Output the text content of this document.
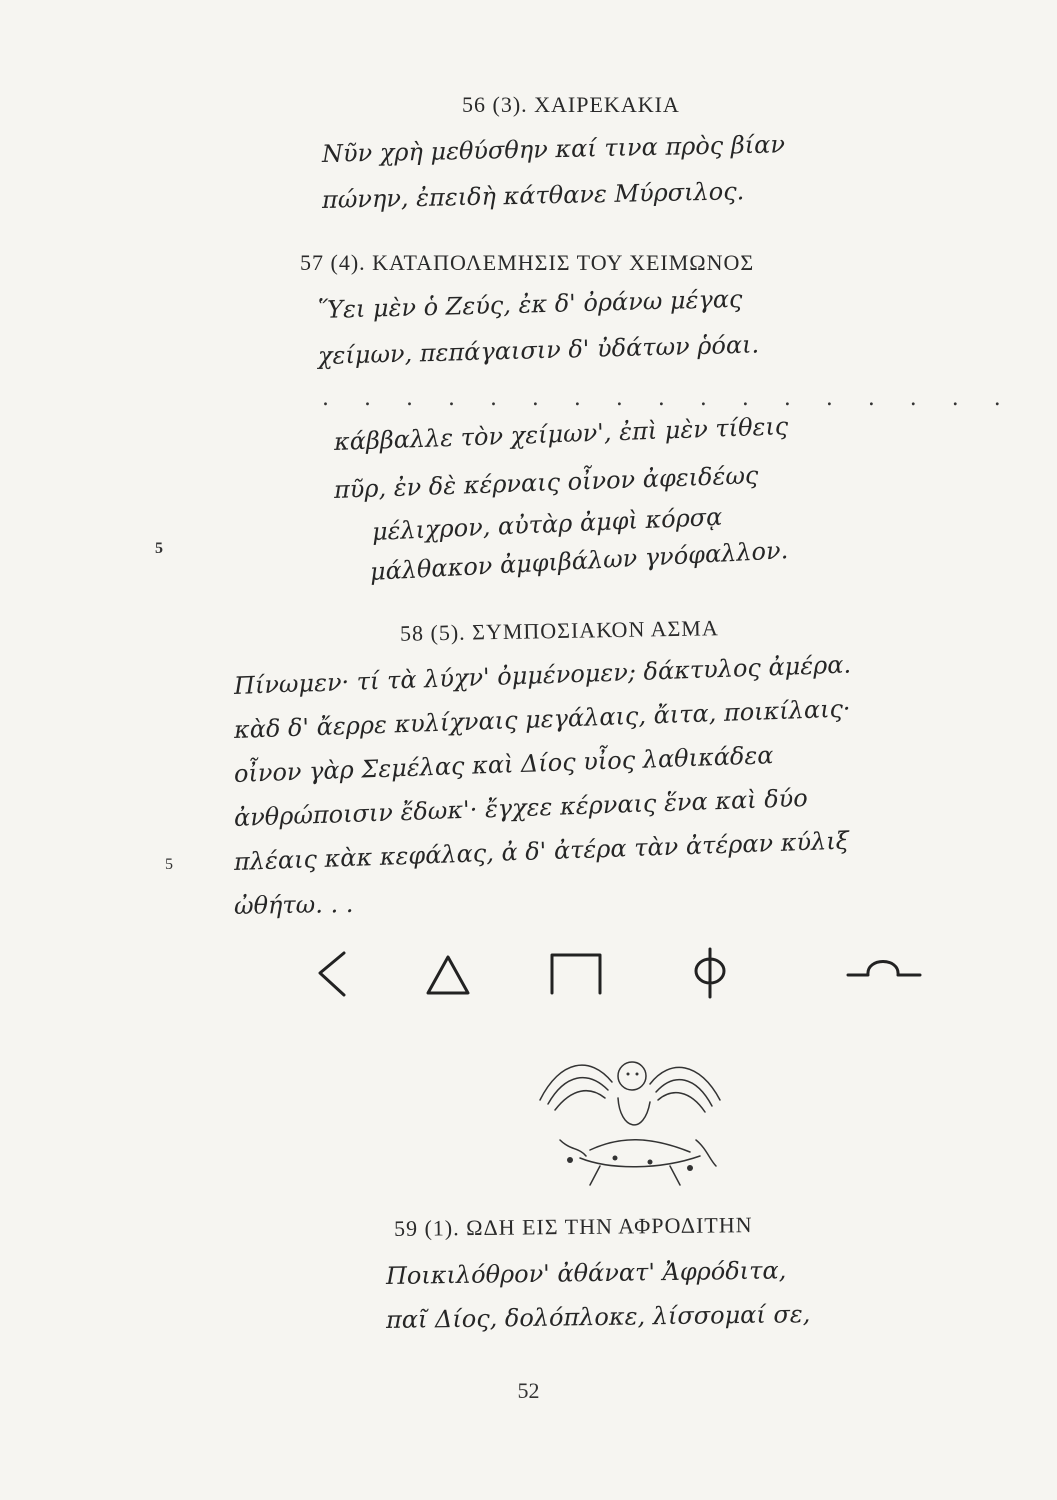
56 (3). ΧΑΙΡΕΚΑΚΙΑ
Νῦν χρὴ μεθύσθην καί τινα πρὸς βίαν
πώνην, ἐπειδὴ κάτθανε Μύρσιλος.
57 (4). ΚΑΤΑΠΟΛΕΜΗΣΙΣ ΤΟΥ ΧΕΙΜΩΝΟΣ
Ὕει μὲν ὁ Ζεύς, ἐκ δ' ὀράνω μέγας
χείμων, πεπάγαισιν δ' ὐδάτων ῥόαι.
. . . . . . . . . . . . . . . . .
κάββαλλε τὸν χείμων', ἐπὶ μὲν τίθεις
πῦρ, ἐν δὲ κέρναις οἶνον ἀφειδέως
μέλιχρον, αὐτὰρ ἀμφὶ κόρσᾳ
5	μάλθακον ἀμφιβάλων γνόφαλλον.
58 (5). ΣΥΜΠΟΣΙΑΚΟΝ ΑΣΜΑ
Πίνωμεν· τί τὰ λύχν' ὀμμένομεν; δάκτυλος ἀμέρα.
κὰδ δ' ἄερρε κυλίχναις μεγάλαις, ἄιτα, ποικίλαις·
οἶνον γὰρ Σεμέλας καὶ Δίος υἶος λαθικάδεα
ἀνθρώποισιν ἔδωκ'· ἔγχεε κέρναις ἕνα καὶ δύο
5	πλέαις κὰκ κεφάλας, ἀ δ' ἀτέρα τὰν ἀτέραν κύλιξ
ὠθήτω. . .
59 (1). ΩΔΗ ΕΙΣ ΤΗΝ ΑΦΡΟΔΙΤΗΝ
Ποικιλόθρον' ἀθάνατ' Ἀφρόδιτα,
παῖ Δίος, δολόπλοκε, λίσσομαί σε,
52
